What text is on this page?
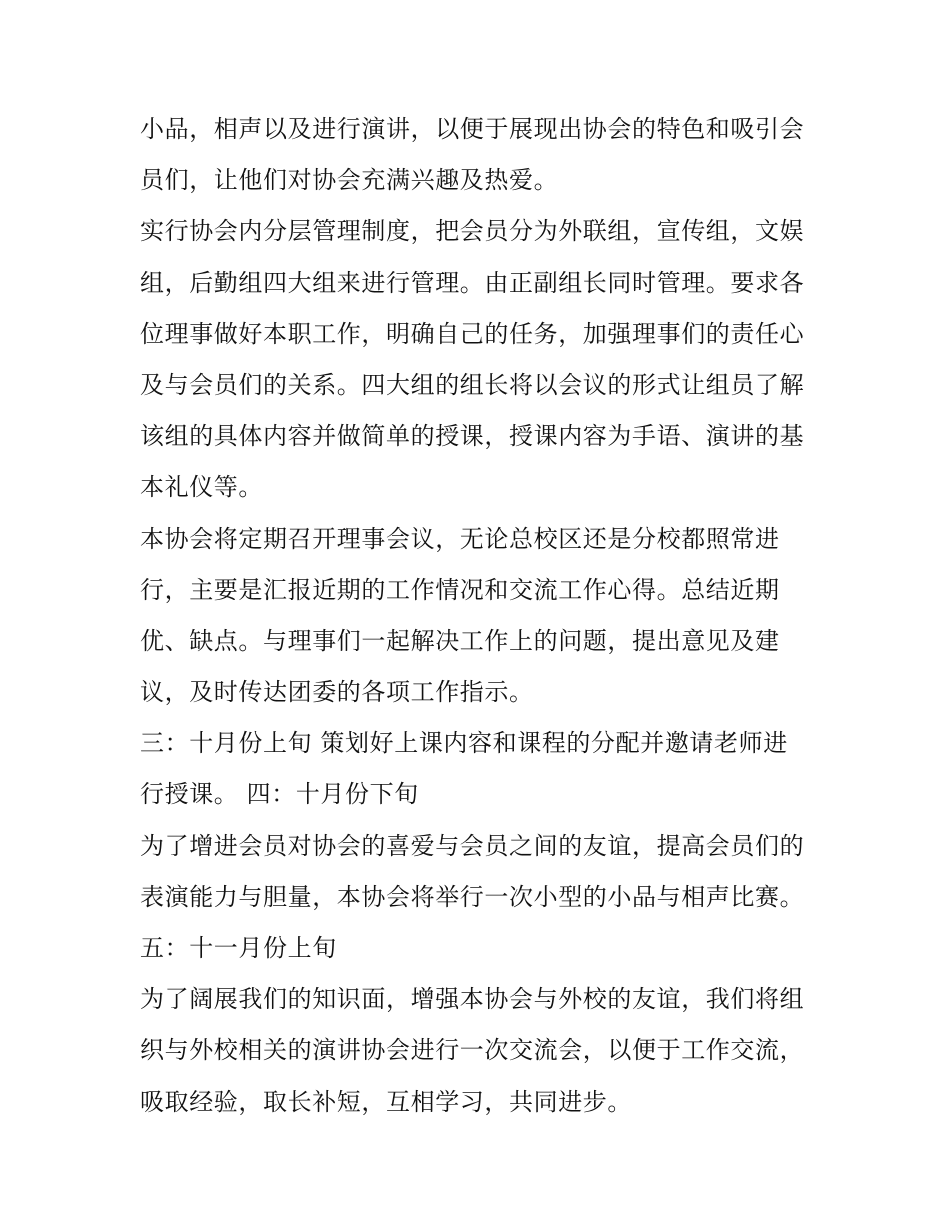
小品，相声以及进行演讲，以便于展现出协会的特色和吸引会
员们，让他们对协会充满兴趣及热爱。
实行协会内分层管理制度，把会员分为外联组，宣传组，文娱
组，后勤组四大组来进行管理。由正副组长同时管理。要求各
位理事做好本职工作，明确自己的任务，加强理事们的责任心
及与会员们的关系。四大组的组长将以会议的形式让组员了解
该组的具体内容并做简单的授课，授课内容为手语、演讲的基
本礼仪等。
本协会将定期召开理事会议，无论总校区还是分校都照常进
行，主要是汇报近期的工作情况和交流工作心得。总结近期
优、缺点。与理事们一起解决工作上的问题，提出意见及建
议，及时传达团委的各项工作指示。
三：十月份上旬 策划好上课内容和课程的分配并邀请老师进
行授课。 四：十月份下旬
为了增进会员对协会的喜爱与会员之间的友谊，提高会员们的
表演能力与胆量，本协会将举行一次小型的小品与相声比赛。
五：十一月份上旬
为了阔展我们的知识面，增强本协会与外校的友谊，我们将组
织与外校相关的演讲协会进行一次交流会，以便于工作交流，
吸取经验，取长补短，互相学习，共同进步。
